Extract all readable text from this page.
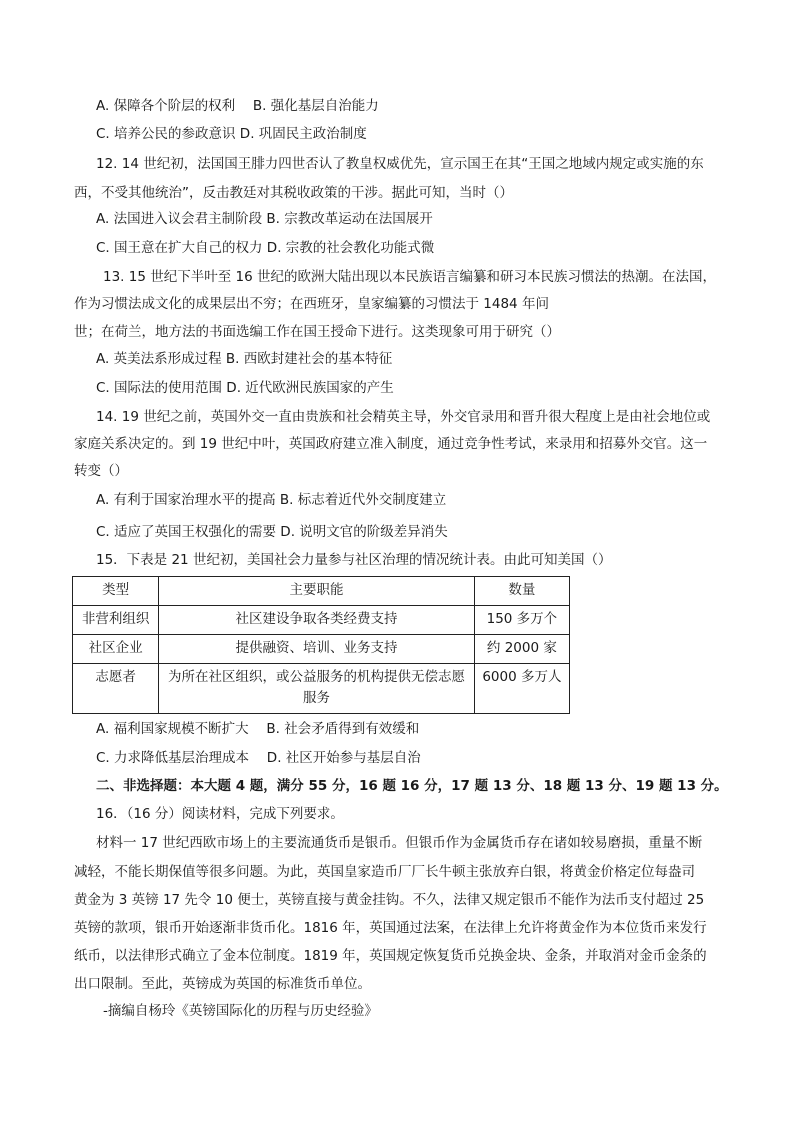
A. 保障各个阶层的权利　 B. 强化基层自治能力
C. 培养公民的参政意识 D. 巩固民主政治制度
12. 14 世纪初，法国国王腓力四世否认了教皇权威优先，宣示国王在其“王国之地域内规定或实施的东
西，不受其他统治”，反击教廷对其税收政策的干涉。据此可知，当时（）
A. 法国进入议会君主制阶段 B. 宗教改革运动在法国展开
C. 国王意在扩大自己的权力 D. 宗教的社会教化功能式微
13. 15 世纪下半叶至 16 世纪的欧洲大陆出现以本民族语言编纂和研习本民族习惯法的热潮。在法国，
作为习惯法成文化的成果层出不穷；在西班牙，皇家编纂的习惯法于 1484 年问
世；在荷兰，地方法的书面选编工作在国王授命下进行。这类现象可用于研究（）
A. 英美法系形成过程 B. 西欧封建社会的基本特征
C. 国际法的使用范围 D. 近代欧洲民族国家的产生
14. 19 世纪之前，英国外交一直由贵族和社会精英主导，外交官录用和晋升很大程度上是由社会地位或
家庭关系决定的。到 19 世纪中叶，英国政府建立准入制度，通过竞争性考试，来录用和招募外交官。这一
转变（）
A. 有利于国家治理水平的提高 B. 标志着近代外交制度建立
C. 适应了英国王权强化的需要 D. 说明文官的阶级差异消失
15．下表是 21 世纪初，美国社会力量参与社区治理的情况统计表。由此可知美国（）
类型	主要职能	数量
非营利组织	社区建设争取各类经费支持	150 多万个
社区企业	提供融资、培训、业务支持	约 2000 家
志愿者	为所在社区组织，或公益服务的机构提供无偿志愿服务	6000 多万人
A. 福利国家规模不断扩大　 B. 社会矛盾得到有效缓和
C. 力求降低基层治理成本　 D. 社区开始参与基层自治
二、非选择题：本大题 4 题，满分 55 分，16 题 16 分，17 题 13 分、18 题 13 分、19 题 13 分。
16．（16 分）阅读材料，完成下列要求。
材料一 17 世纪西欧市场上的主要流通货币是银币。但银币作为金属货币存在诸如较易磨损，重量不断
减轻，不能长期保值等很多问题。为此，英国皇家造币厂厂长牛顿主张放弃白银，将黄金价格定位每盎司
黄金为 3 英镑 17 先令 10 便士，英镑直接与黄金挂钩。不久，法律又规定银币不能作为法币支付超过 25
英镑的款项，银币开始逐渐非货币化。1816 年，英国通过法案，在法律上允许将黄金作为本位货币来发行
纸币，以法律形式确立了金本位制度。1819 年，英国规定恢复货币兑换金块、金条，并取消对金币金条的
出口限制。至此，英镑成为英国的标准货币单位。
-摘编自杨玲《英镑国际化的历程与历史经验》
